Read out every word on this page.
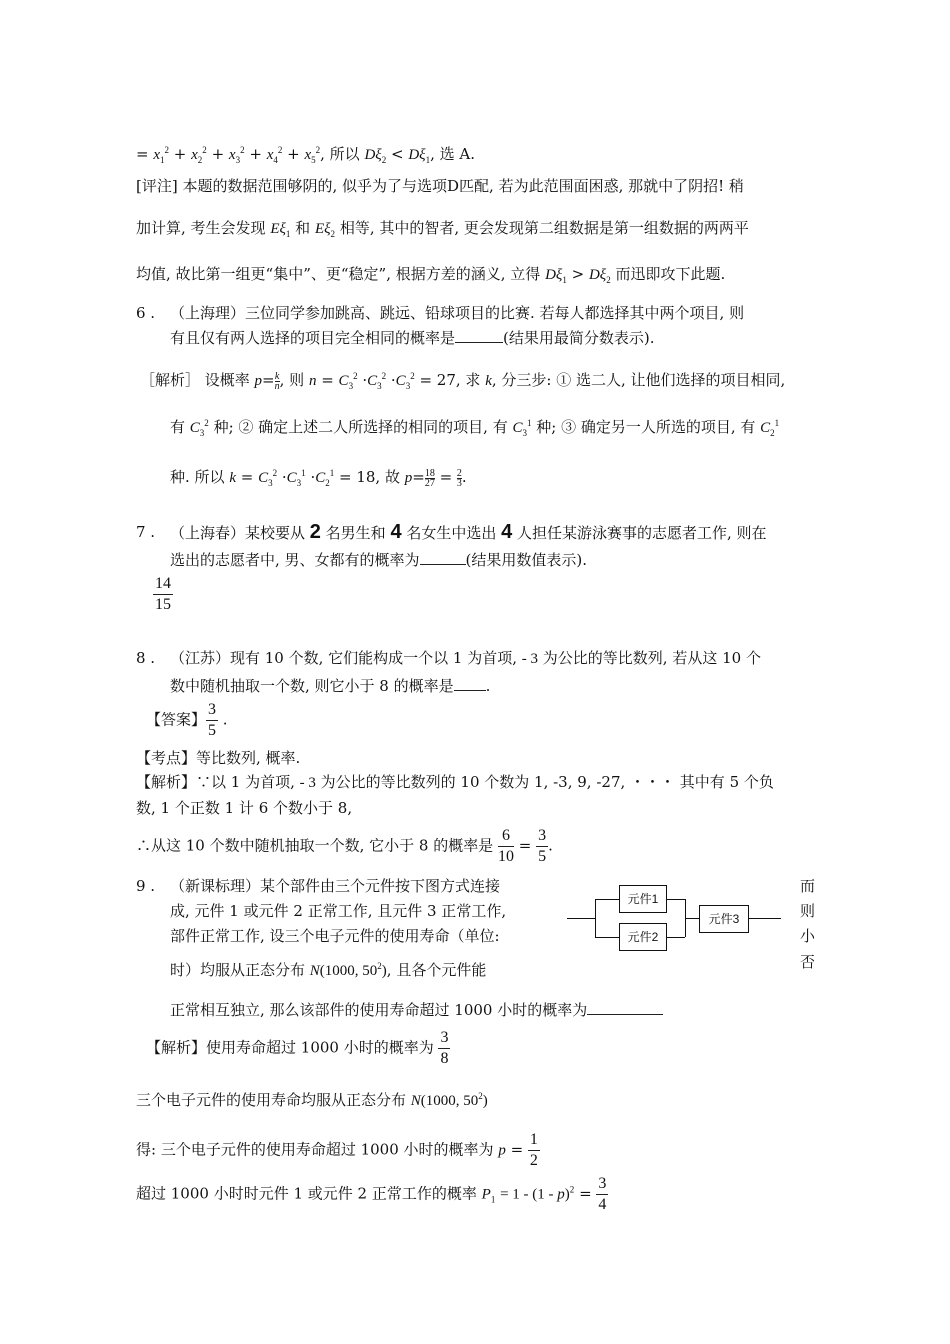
= $x_1^2 + x_2^2 + x_3^2 + x_4^2 + x_5^2$, 所以 $D\xi_2 < D\xi_1$, 选 A.
[评注] 本题的数据范围够阴的, 似乎为了与选项D匹配, 若为此范围面困惑, 那就中了阴招! 稍
加计算, 考生会发现 $E\xi_1$ 和 $E\xi_2$ 相等, 其中的智者, 更会发现第二组数据是第一组数据的两两平
均值, 故比第一组更“集中”、更“稳定”, 根据方差的涵义, 立得 $D\xi_1 > D\xi_2$ 而迅即攻下此题.
6 . （上海理）三位同学参加跳高、跳远、铅球项目的比赛. 若每人都选择其中两个项目, 则
有且仅有两人选择的项目完全相同的概率是	(结果用最简分数表示).
［解析］ 设概率 $p= \frac{k}{n}$ , 则 $n = C_3^2 \cdot C_3^2 \cdot C_3^2 = 27$, 求 k, 分三步: ① 选二人, 让他们选择的项目相同,
有 $C_3^2$ 种; ② 确定上述二人所选择的相同的项目, 有 $C_3^1$ 种; ③ 确定另一人所选的项目, 有 $C_2^1$
种. 所以 $k = C_3^2 \cdot C_3^1 \cdot C_2^1 = 18$, 故 $p= \frac{18}{27} = \frac{2}{3}$ .
7 . （上海春）某校要从 2 名男生和 4 名女生中选出 4 人担任某游泳赛事的志愿者工作, 则在
选出的志愿者中, 男、女都有的概率为	(结果用数值表示).
$\frac{14}{15}$
8 . （江苏）现有 10 个数, 它们能构成一个以 1 为首项, - 3 为公比的等比数列, 若从这 10 个
数中随机抽取一个数, 则它小于 8 的概率是 .
【答案】 $\frac{3}{5}$ .
【考点】等比数列, 概率.
【解析】∵以 1 为首项, - 3 为公比的等比数列的 10 个数为 1, -3, 9, -27, ・・・ 其中有 5 个负
数, 1 个正数 1 计 6 个数小于 8,
∴从这 10 个数中随机抽取一个数, 它小于 8 的概率是 $\frac{6}{10} = \frac{3}{5}$ .
9 . （新课标理）某个部件由三个元件按下图方式连接
成, 元件 1 或元件 2 正常工作, 且元件 3 正常工作,
部件正常工作, 设三个电子元件的使用寿命（单位:
时）均服从正态分布 N(1000, $50^2$), 且各个元件能
而
则
小
否
元件1
元件2
元件3
正常相互独立, 那么该部件的使用寿命超过 1000 小时的概率为
【解析】使用寿命超过 1000 小时的概率为 $\frac{3}{8}$
三个电子元件的使用寿命均服从正态分布 N(1000, $50^2$)
得: 三个电子元件的使用寿命超过 1000 小时的概率为 $p = \frac{1}{2}$
超过 1000 小时时元件 1 或元件 2 正常工作的概率 $P_1 = 1 - (1 - p)^2 = \frac{3}{4}$
